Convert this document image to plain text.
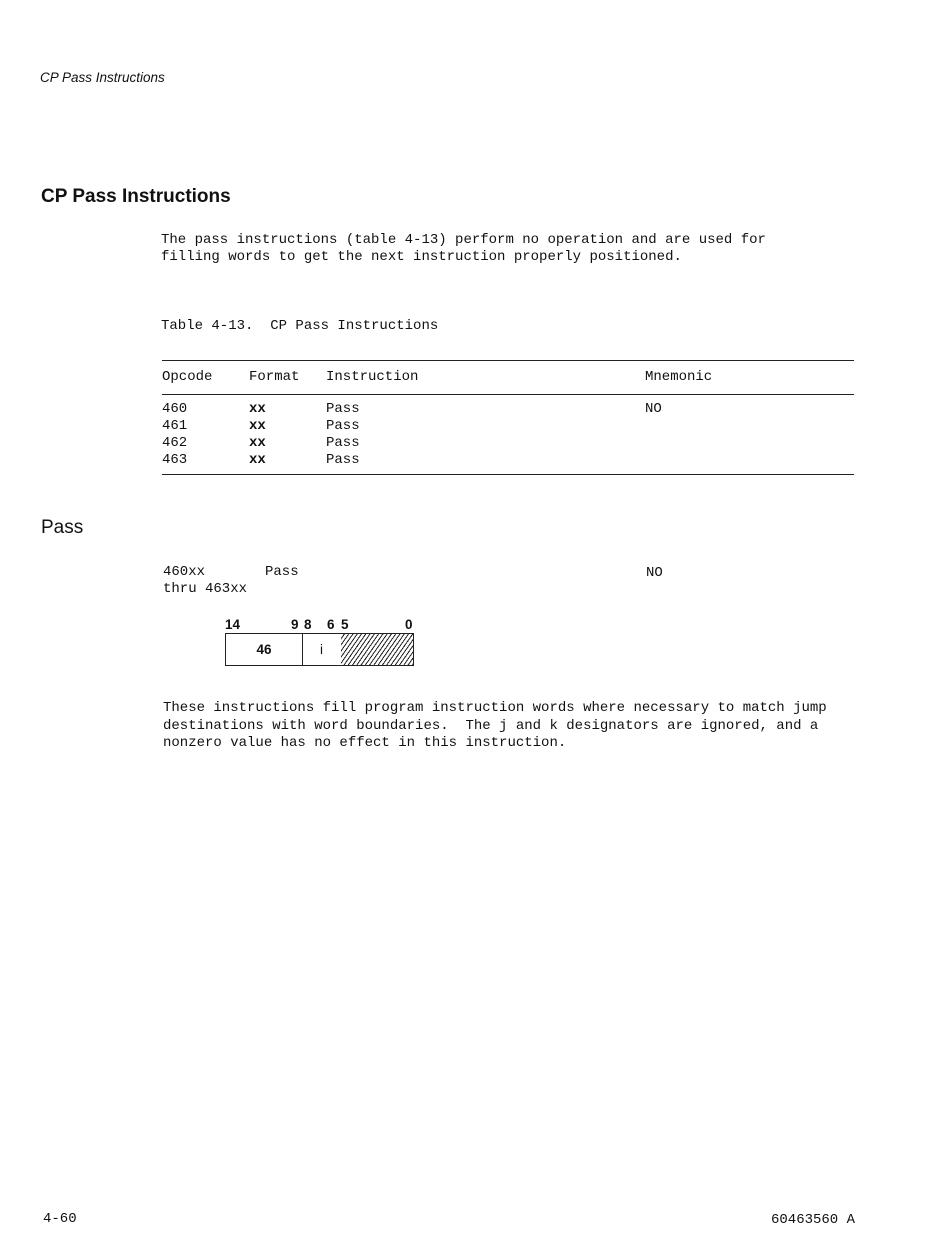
CP Pass Instructions
CP Pass Instructions
The pass instructions (table 4-13) perform no operation and are used for
filling words to get the next instruction properly positioned.
Table 4-13.  CP Pass Instructions
Opcode	Format Instruction	Mnemonic
460	xx	Pass	NO
461	xx	Pass
462	xx	Pass
463	xx	Pass
Pass
460xx
thru 463xx
Pass	NO
14	9 8 6 5	0
46	i
These instructions fill program instruction words where necessary to match jump
destinations with word boundaries.  The j and k designators are ignored, and a
nonzero value has no effect in this instruction.
4-60	60463560 A
